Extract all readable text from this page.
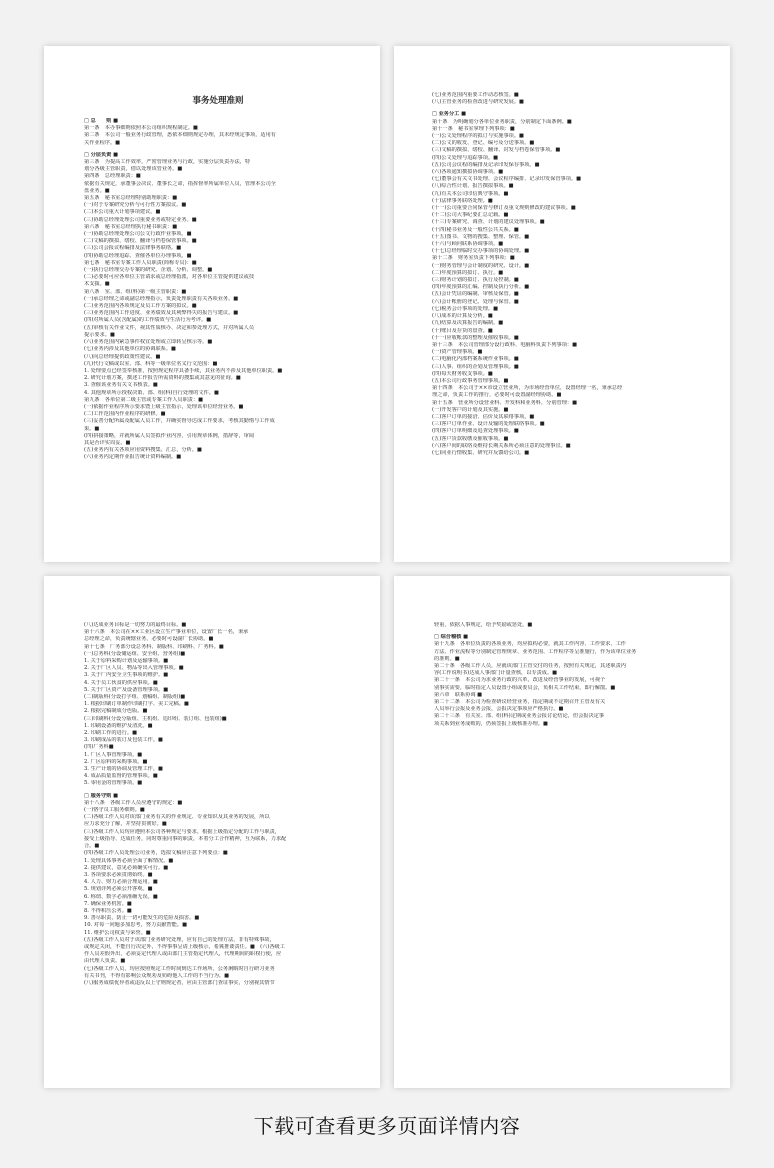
事务处理准则
□ 总　　则 ■
第一条　本办事细则依照本公司组织规程制定。■
第二条　本公司一般业务行政管理，悉依本细则规定办理，其未经规定事项，适用有
关作业程序。■
□ 分层负责 ■
第三条　为提高工作效率，严密管理业务与行政，实施分层负责办法，特
划分各级主管职责，借以处理该管业务。■
第四条　总经理职责：■
依据有关规定，承董事会决议、董事长之命，指挥督率所属单位人员，管理本公司全
盘业务。■
第五条　秘书室总经理特别助理职责：■
(一)对于专案研究分析与可行性方案拟议。■
(二)本公司重大计划事项建议。■
(三)协助总经理处理公司重要业务或特定业务。■
第六条　秘书室总经理执行秘书职责：■
(一)协助总经理处理公司公文行政作业事项。■
(二)文稿的撰拟、缮校、翻译与档卷保管事项。■
(三)公司会报议程编排及法律事务联络。■
(四)协助总经理追踪、查催各单位办理事项。■
第七条　秘书室专案工作人员职责(简称专员)：■
(一)执行总经理交办专案的研究、企划、分析、调整。■
(二)必要时可应各单位主管请求或总经理指派，对各单位主管提供建议或技
术支援。■
第八条　室、部、组(科)第一级主管职责：■
(一)承总经理之命或副总经理指示，负责处理职责有关各项业务。■
(二)业务范围内各项规定及员工作方案的拟议。■
(三)业务范围内工作进度、业务绩效及其利弊得失的报告与建议。■
(四)对所属人员(含配属)的工作绩效与生活行为考评。■
(五)审核有关作业文件，视其性质核办、决定和参处理方式，并对所属人员
提示要求。■
(六)业务范围内紧急事件权宜处理或立即转呈核示等。■
(七)业务内涉及其他单位的协调联系。■
(八)向总经理提供政策性建议。■
(九)代行文稿或以室、部、科等一级单位名义行文范围：■
1. 处理要点已经签奉核准，按照规定程序具备手续，其业务内不涉及其他单位职责。■
2. 研究计划方案，撰述工作报告所需资料的搜集或其意见的征询。■
3. 查催该业务有关文书核表。■
4. 其他规章所示授权决策、部、组(科)自行处理的文件。■
第九条　各单位第二级主管或专案工作人员职责：■
(一)依据作业程序所示要求暨上级主管指示，处理该单位经营业务。■
(二)工作范围内作业程序的研修。■
(三)妥善分配所属及配属人员工作，并确实督导达成工作要求，考核其勤惰与工作成
果。■
(四)拼接策略，并就所属人员签拟作业内容，引用规章体例，措辞等，审阅
其是否详实周妥。■
(五)业务内有关各项应用资料搜集、汇总、分析。■
(六)业务内定期作业报告统计资料编制。■
(七)业务范围内重要工作动态核签。■
(八)主管业务的检查改进与研究发展。■
□ 业务分工 ■
第十条　为明确划分各单位业务职责，分别制定下面条例。■
第十一条　秘书室掌理下列事项：■
(一)公文处理程序的拟订与实施事项。■
(二)公文的收发、登记、编号及分送事项。■
(三)文稿的撰拟、缮校、翻译、封发与档卷保管事项。■
(四)公文处理与追踪事项。■
(五)公司会议程的编排及记录印发保存事项。■
(六)各项通知撰拟协调事项。■
(七)董事会有关文书处理、会议程序编排、记录印发保管事项。■
(八)综合性计划、报告撰拟事项。■
(九)有关本公司印信典守事项。■
(十)法律事务联络处理。■
(十一)公司重要合同保管与修订及重文规则修改的建议事项。■
(十二)公司大事纪要汇总记载。■
(十三)专案研究、调查、计划的建议处理事项。■
(十四)秘书业务及一般性公共关系。■
(十五)图书、文物的搜集、整理、保管。■
(十六)与顾问联系协调事项。■
(十七)总经理临时交办事项的协调处理。■
第十二条　财务室负责下列事项：■
(一)财务管理与会计制度的研究、设计。■
(二)年度预算的拟订、执行。■
(三)财务计划的拟订、执行及控制。■
(四)年度预算的汇编、控制及执行分析。■
(五)会计凭证的编制、审核及保管。■
(六)会计帐册的登记、处理与保管。■
(七)税务会计事项的处理。■
(八)成本的计算及分析。■
(九)结算及决算报告的编制。■
(十)账目及存货的盘查。■
(十一)应收帐款的整理及催收事项。■
第十三条　本公司管理部分设行政科、电脑科负责下列事项：■
(一)资产管理事项。■
(二)电脑化内部档案系统作业事项。■
(三)人事、组织的企划及管理事项。■
(四)每天财务收支事项。■
(五)本公司行政事务管理事项。■
第十四条　本公司于××市设立营业所，为市场经营单位，设置经理一名，秉承总经
理之命，负责工作的推行，必要时可设置副经理协助。■
第十五条　营业所分设营业科、开发科和业务科，分别管理：■
(一)开发客户的计划及其实施。■
(二)客户订单的接洽、估价及其联络事项。■
(三)客户订单作业、设计及输的处理联络事项。■
(四)客户订单明细及追查处理事项。■
(五)客户货款收缴及催收事项。■
(六)客户间的联络及维持长期关系所必须注意的处理事宜。■
(七)同业行情收集、研究并反馈给公司。■
(八)达成业务目标是一切努力的最终目标。■
第十六条　本公司在××工业区设立生产事业单位，设置厂长一名，秉承
总经理之命，负责统辖业务，必要时可设副厂长协助。■
第十七条　厂务部分设总务科、制版科、印刷科、厂务科。■
(一)总务科(分设储运组、安全组、营务组)■
1. 关于原料采购计划及运输事项。■
2. 关于厂区人员、物品等出入管理事项。■
3. 关于厂内安全卫生事项的维护。■
4. 关于员工伙食的供应事项。■
5. 关于厂区资产及设备管理事项。■
(二)制版科(分设打字组、划稿组、制版组)■
1. 根据印刷订单制作印刷打字、美工完稿。■
2. 根据完稿制成分色版。■
(三)印刷科(分设分版组、主机组、追印组、装订组、包装组)■
1. 印刷设备的维护及清洗。■
2. 印刷工作的进行。■
3. 印刷成品的装订及包装工作。■
(四)厂务科■
1. 厂区人事管理事项。■
2. 厂区原料的采购事项。■
3. 生产计划的协调及管理工作。■
4. 成品质量监督的管理事项。■
5. 零用金的管理事项。■
□ 服务守则 ■
第十八条　各级工作人员应遵守的规定：■
(一)恪守员工服务细则。■
(二)各级工作人员对该部门业务有关的作业规定、专业知识及其业务的发展，所以
应力求充分了解，并坚持贯彻好。■
(三)各级工作人员均应遵照本公司各种规定与要求，根据上级指定分配的工作与职责，
接受上级指导、达成任务，同时尊重同事的职责，本着分工合作精神，互为联系，力求配
合。■
(四)各级工作人员处理公司业务，选拟文稿应注意下列要点：■
1. 处理具体事务必须全面了解情况。■
2. 提供建议，意见必须确实可行。■
3. 各项要求必须贯彻始终。■
4. 人力、财力必须合理运用。■
5. 规划详列必须公开客观。■
6. 称谓、数字必须准确无误。■
7. 确保业务机密。■
8. 不得积压公务。■
9. 善尽职责，防止一切可能发生的危险及损害。■
10. 对每一问题多加思考，努力贡献智能。■
11. 维护公司权责与荣誉。■
(五)各级工作人员对于该部门业务研究处理，应有自己的处理方法，非有特殊事故，
或规定关闭，不能自行决定外，不得事事呈请上级核示，希冀推诿责任。■　(六)各级工
作人员差假外出，必须妥定代理人或由部门主管指定代理人，代理期间的职权行使，应
由代理人负责。■
(七)各级工作人员，均应按照规定工作时间到达工作场所，公务涧暇时自行研习业务
有关书刊，不得有影响公众规劝及妨碍他人工作的不当行为。■
(八)服务成绩优异者或违反以上守则规定者，应由主管部门查证事实，分别视其情节
轻重，依据人事规定，给予奖励或惩处。■
□ 综合稽核 ■
第十九条　各单位负责的各项业务，均应拟构必要，就其工作内容、工作要求、工作
方法、作业流程等分别制定管理规章、业务范围、工作程序等呈准施行，作为该单位业务
的准则。■
第二十条　各级工作人员，应就该部门主管交付的任务，按照有关规定，其述职责内
容(工作说明书)达成人事部门计量查核，以专责成。■
第二十一条　本公司为求业务行政的兴革，改进及经营事业的发展，可视个
别事实需要，临时指定人员设置小组或委员会，负相关工作结束，即行解散。■
第六章　联系协调 ■
第二十二条　本公司为检查研议经营业务，指定期或不定期召开主管及有关
人员举行会报及业务会报，会报决定事项应严格执行。■
第二十三条　有关室、部、组(科)定期或业务会报讨论结论，但会报决定事
项关系到业务成败的，仍须签报上级核准办理。■
下载可查看更多页面详情内容
